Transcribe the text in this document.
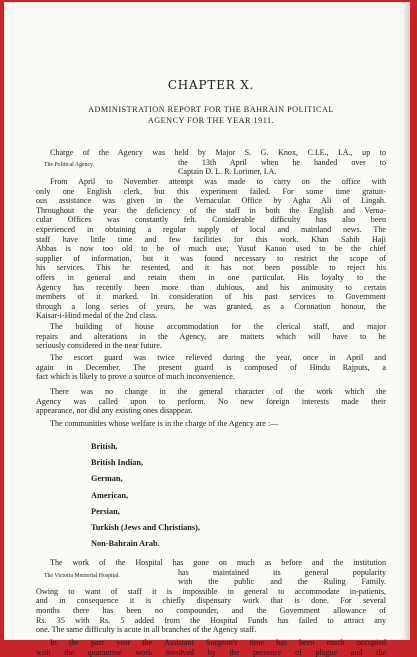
CHAPTER X.
ADMINISTRATION REPORT FOR THE BAHRAIN POLITICAL
AGENCY FOR THE YEAR 1911.
Charge of the Agency was held by Major S. G. Knox, C.I.E., I.A., up to
The Political Agency.	the 13th April when he handed over to
Captain D. L. R. Lorimer, I.A.
From April to November attempt was made to carry on the office with
only one English clerk, but this experiment failed. For some time gratuit-
ous assistance was given in the Vernacular Office by Agha Ali of Lingah.
Throughout the year the deficiency of the staff in both the English and Verna-
cular Offices was constantly felt. Considerable difficulty has also been
experienced in obtaining a regular supply of local and mainland news. The
staff have little time and few facilities for this work. Khan Sahib Haji
Abbas is now too old to be of much use; Yusuf Kanoo used to be the chief
supplier of information, but it was found necessary to restrict the scope of
his services. This he resented, and it has not been possible to reject his
offers in general and retain them in one particular. His loyalty to the
Agency has recently been more than dubious, and his animosity to certain
members of it marked. In consideration of his past services to Government
through a long series of years, he was granted, as a Coronation honour, the
Kaisar-i-Hind medal of the 2nd class.
The building of house accommodation for the clerical staff, and major
repairs and alterations in the Agency, are matters which will have to be
seriously considered in the near future.
The escort guard was twice relieved during the year, once in April and
again in December. The present guard is composed of Hindu Rajputs, a
fact which is likely to prove a source of much inconvenience.
There was no change in the general character of the work which the
Agency was called upon to perform. No new foreign interests made their
appearance, nor did any existing ones disappear.
The communities whose welfare is in the charge of the Agency are :—
British,
British Indian,
German,
American,
Persian,
Turkish (Jews and Christians),
Non-Bahrain Arab.
The work of the Hospital has gone on much as before and the institution
The Victoria Memorial Hospital.	has maintained its general popularity
with the public and the Ruling Family.
Owing to want of staff it is impossible in general to accommodate in-patients,
and in consequence it is chiefly dispensary work that is done. For several
months there has been no compounder, and the Government allowance of
Rs. 35 with Rs. 5 added from the Hospital Funds has failed to attract any
one. The same difficulty is acute in all branches of the Agency staff.
In the past year the Assistant Surgeon's time has been much occupied
with the quarantine work involved by the presence of plague and the
